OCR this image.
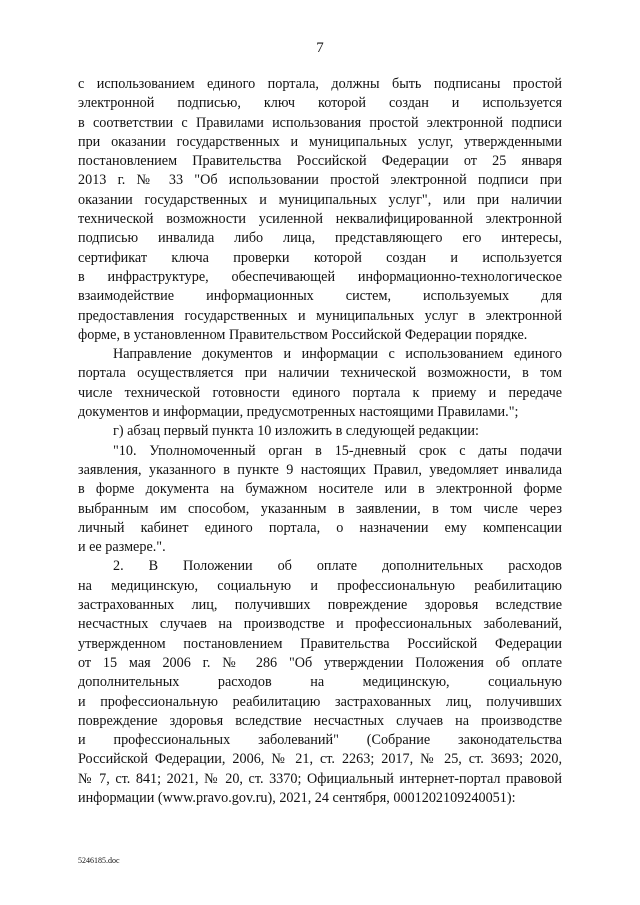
7
с использованием единого портала, должны быть подписаны простой
электронной подписью, ключ которой создан и используется
в соответствии с Правилами использования простой электронной подписи
при оказании государственных и муниципальных услуг, утвержденными
постановлением Правительства Российской Федерации от 25 января
2013 г. № 33 "Об использовании простой электронной подписи при
оказании государственных и муниципальных услуг", или при наличии
технической возможности усиленной неквалифицированной электронной
подписью инвалида либо лица, представляющего его интересы,
сертификат ключа проверки которой создан и используется
в инфраструктуре, обеспечивающей информационно-технологическое
взаимодействие информационных систем, используемых для
предоставления государственных и муниципальных услуг в электронной
форме, в установленном Правительством Российской Федерации порядке.
Направление документов и информации с использованием единого
портала осуществляется при наличии технической возможности, в том
числе технической готовности единого портала к приему и передаче
документов и информации, предусмотренных настоящими Правилами.";
г) абзац первый пункта 10 изложить в следующей редакции:
"10. Уполномоченный орган в 15-дневный срок с даты подачи
заявления, указанного в пункте 9 настоящих Правил, уведомляет инвалида
в форме документа на бумажном носителе или в электронной форме
выбранным им способом, указанным в заявлении, в том числе через
личный кабинет единого портала, о назначении ему компенсации
и ее размере.".
2. В Положении об оплате дополнительных расходов
на медицинскую, социальную и профессиональную реабилитацию
застрахованных лиц, получивших повреждение здоровья вследствие
несчастных случаев на производстве и профессиональных заболеваний,
утвержденном постановлением Правительства Российской Федерации
от 15 мая 2006 г. № 286 "Об утверждении Положения об оплате
дополнительных расходов на медицинскую, социальную
и профессиональную реабилитацию застрахованных лиц, получивших
повреждение здоровья вследствие несчастных случаев на производстве
и профессиональных заболеваний" (Собрание законодательства
Российской Федерации, 2006, № 21, ст. 2263; 2017, № 25, ст. 3693; 2020,
№ 7, ст. 841; 2021, № 20, ст. 3370; Официальный интернет-портал правовой
информации (www.pravo.gov.ru), 2021, 24 сентября, 0001202109240051):
5246185.doc
